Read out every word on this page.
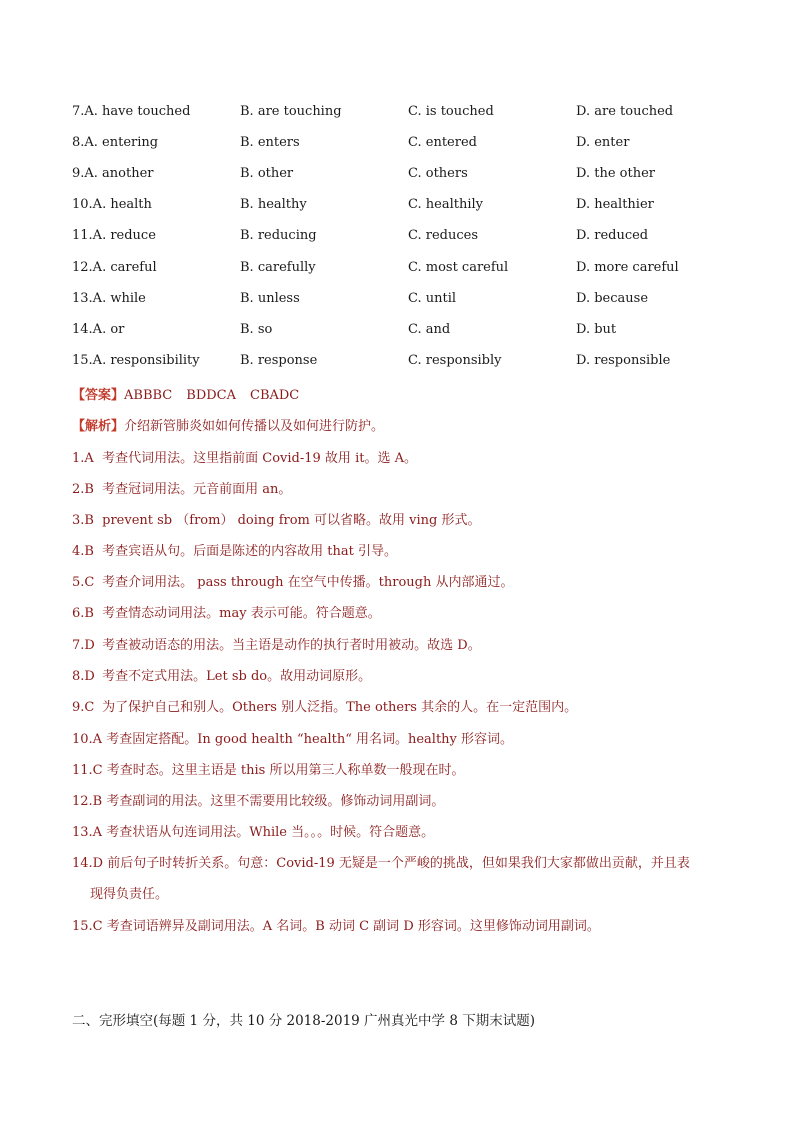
7.A. have touched	B. are touching	C. is touched	D. are touched
8.A. entering	B. enters	C. entered	D. enter
9.A. another	B. other	C. others	D. the other
10.A. health	B. healthy	C. healthily	D. healthier
11.A. reduce	B. reducing	C. reduces	D. reduced
12.A. careful	B. carefully	C. most careful	D. more careful
13.A. while	B. unless	C. until	D. because
14.A. or	B. so	C. and	D. but
15.A. responsibility	B. response	C. responsibly	D. responsible
【答案】ABBBC BDDCA CBADC
【解析】介绍新管肺炎如如何传播以及如何进行防护。
1.A 考查代词用法。这里指前面 Covid-19 故用 it。选 A。
2.B 考查冠词用法。元音前面用 an。
3.B prevent sb （from） doing from 可以省略。故用 ving 形式。
4.B 考查宾语从句。后面是陈述的内容故用 that 引导。
5.C 考查介词用法。 pass through 在空气中传播。through 从内部通过。
6.B 考查情态动词用法。may 表示可能。符合题意。
7.D 考查被动语态的用法。当主语是动作的执行者时用被动。故选 D。
8.D 考查不定式用法。Let sb do。故用动词原形。
9.C 为了保护自己和别人。Others 别人泛指。The others 其余的人。在一定范围内。
10.A 考查固定搭配。In good health “health“ 用名词。healthy 形容词。
11.C 考查时态。这里主语是 this 所以用第三人称单数一般现在时。
12.B 考查副词的用法。这里不需要用比较级。修饰动词用副词。
13.A 考查状语从句连词用法。While 当。。。时候。符合题意。
14.D 前后句子时转折关系。句意：Covid-19 无疑是一个严峻的挑战，但如果我们大家都做出贡献，并且表
现得负责任。
15.C 考查词语辨异及副词用法。A 名词。B 动词 C 副词 D 形容词。这里修饰动词用副词。
二、完形填空(每题 1 分，共 10 分 2018-2019 广州真光中学 8 下期末试题)
